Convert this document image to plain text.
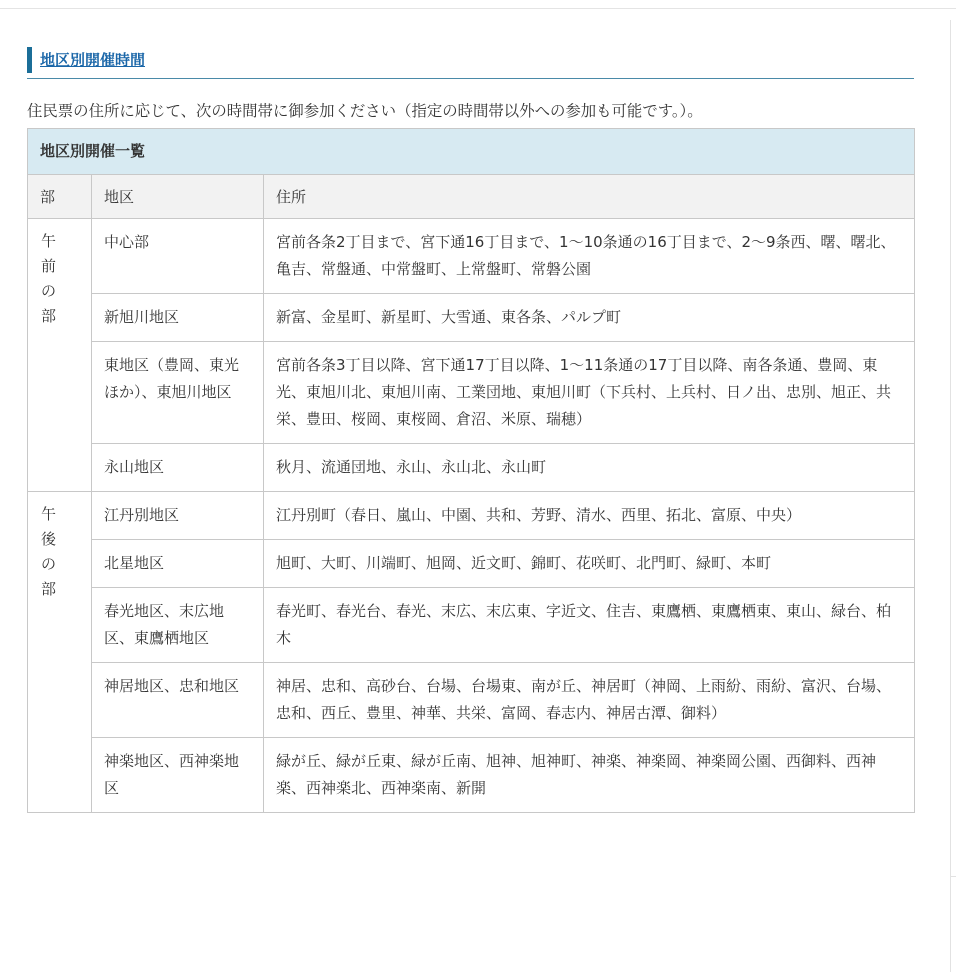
地区別開催時間
住民票の住所に応じて、次の時間帯に御参加ください（指定の時間帯以外への参加も可能です。）。
地区別開催一覧		
部	地区	住所

午前の部	中心部	宮前各条2丁目まで、宮下通16丁目まで、1～10条通の16丁目まで、2～9条西、曙、曙北、亀吉、常盤通、中常盤町、上常盤町、常磐公園
	新旭川地区	新富、金星町、新星町、大雪通、東各条、パルプ町
	東地区（豊岡、東光ほか）、東旭川地区	宮前各条3丁目以降、宮下通17丁目以降、1～11条通の17丁目以降、南各条通、豊岡、東光、東旭川北、東旭川南、工業団地、東旭川町（下兵村、上兵村、日ノ出、忠別、旭正、共栄、豊田、桜岡、東桜岡、倉沼、米原、瑞穂）
	永山地区	秋月、流通団地、永山、永山北、永山町

午後の部	江丹別地区	江丹別町（春日、嵐山、中園、共和、芳野、清水、西里、拓北、富原、中央）
	北星地区	旭町、大町、川端町、旭岡、近文町、錦町、花咲町、北門町、緑町、本町
	春光地区、末広地区、東鷹栖地区	春光町、春光台、春光、末広、末広東、字近文、住吉、東鷹栖、東鷹栖東、東山、緑台、柏木
	神居地区、忠和地区	神居、忠和、高砂台、台場、台場東、南が丘、神居町（神岡、上雨紛、雨紛、富沢、台場、忠和、西丘、豊里、神華、共栄、富岡、春志内、神居古潭、御料）
	神楽地区、西神楽地区	緑が丘、緑が丘東、緑が丘南、旭神、旭神町、神楽、神楽岡、神楽岡公園、西御料、西神楽、西神楽北、西神楽南、新開
